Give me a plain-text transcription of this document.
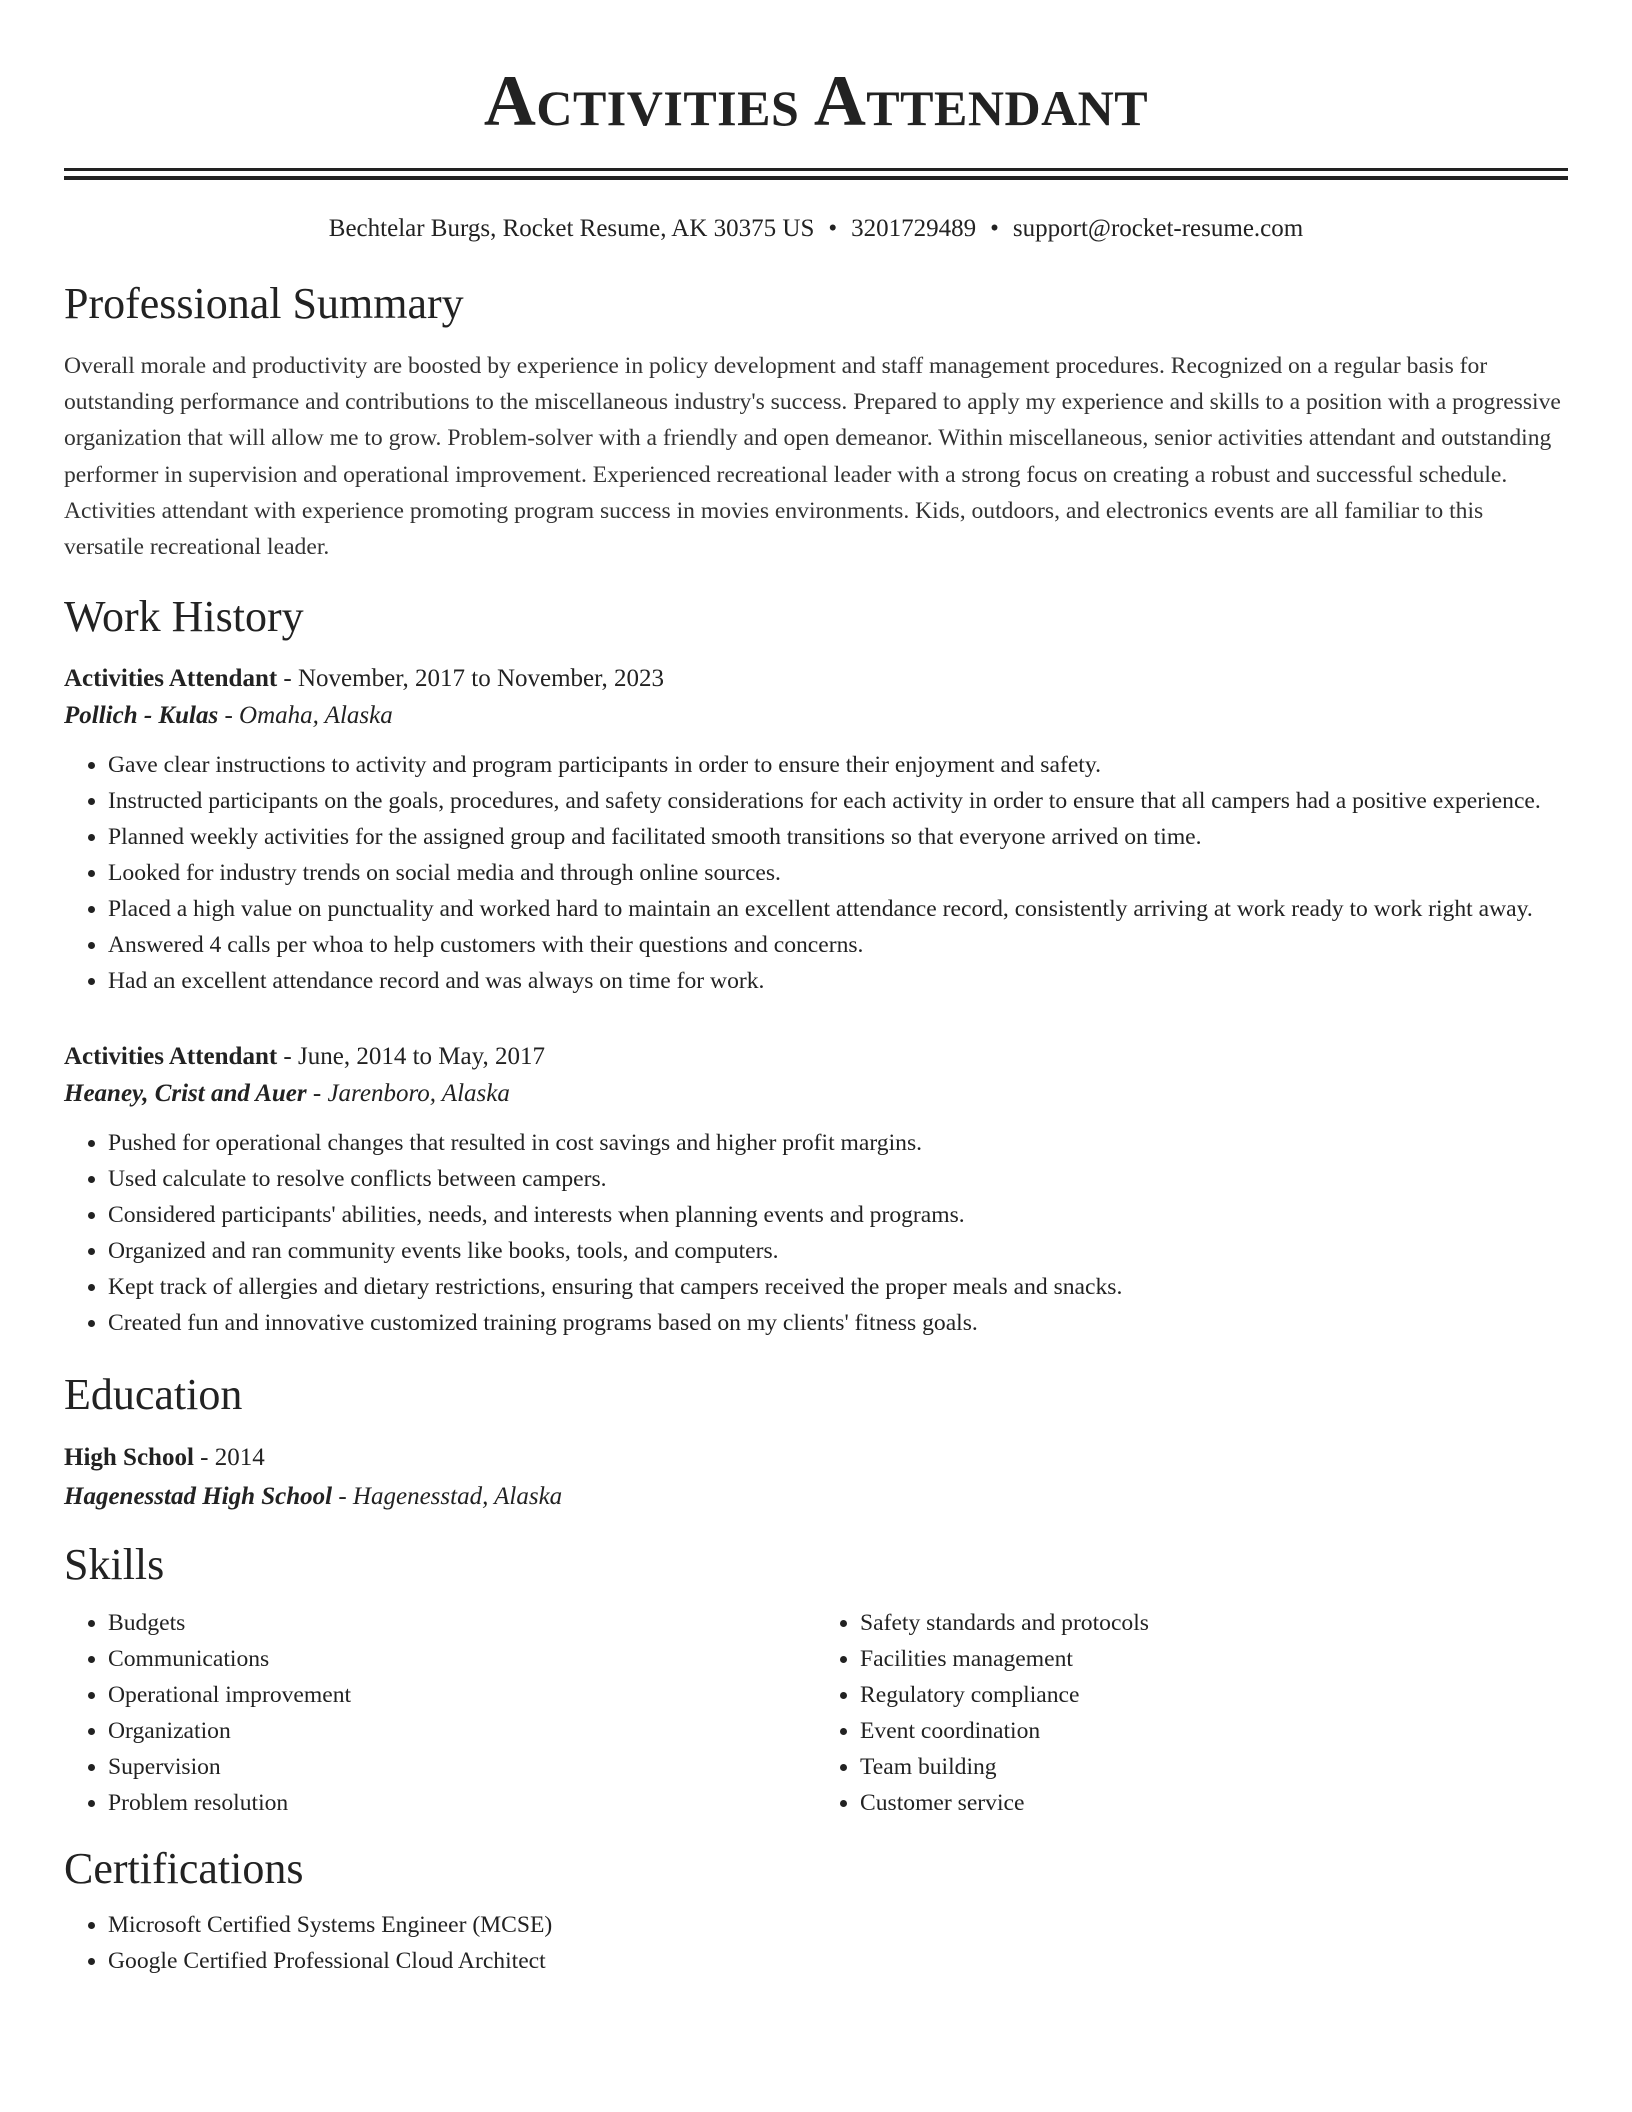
Activities Attendant
Bechtelar Burgs, Rocket Resume, AK 30375 US • 3201729489 • support@rocket-resume.com
Professional Summary

Overall morale and productivity are boosted by experience in policy development and staff management procedures. Recognized on a regular basis for outstanding performance and contributions to the miscellaneous industry's success. Prepared to apply my experience and skills to a position with a progressive organization that will allow me to grow. Problem-solver with a friendly and open demeanor. Within miscellaneous, senior activities attendant and outstanding performer in supervision and operational improvement. Experienced recreational leader with a strong focus on creating a robust and successful schedule. Activities attendant with experience promoting program success in movies environments. Kids, outdoors, and electronics events are all familiar to this versatile recreational leader.

Work History
Activities Attendant - November, 2017 to November, 2023
Pollich - Kulas - Omaha, Alaska
• Gave clear instructions to activity and program participants in order to ensure their enjoyment and safety.
• Instructed participants on the goals, procedures, and safety considerations for each activity in order to ensure that all campers had a positive experience.
• Planned weekly activities for the assigned group and facilitated smooth transitions so that everyone arrived on time.
• Looked for industry trends on social media and through online sources.
• Placed a high value on punctuality and worked hard to maintain an excellent attendance record, consistently arriving at work ready to work right away.
• Answered 4 calls per whoa to help customers with their questions and concerns.
• Had an excellent attendance record and was always on time for work.
Activities Attendant - June, 2014 to May, 2017
Heaney, Crist and Auer - Jarenboro, Alaska
• Pushed for operational changes that resulted in cost savings and higher profit margins.
• Used calculate to resolve conflicts between campers.
• Considered participants' abilities, needs, and interests when planning events and programs.
• Organized and ran community events like books, tools, and computers.
• Kept track of allergies and dietary restrictions, ensuring that campers received the proper meals and snacks.
• Created fun and innovative customized training programs based on my clients' fitness goals.
Education
High School - 2014
Hagenesstad High School - Hagenesstad, Alaska
Skills
• Budgets
• Communications
• Operational improvement
• Organization
• Supervision
• Problem resolution
• Safety standards and protocols
• Facilities management
• Regulatory compliance
• Event coordination
• Team building
• Customer service
Certifications
• Microsoft Certified Systems Engineer (MCSE)
• Google Certified Professional Cloud Architect
